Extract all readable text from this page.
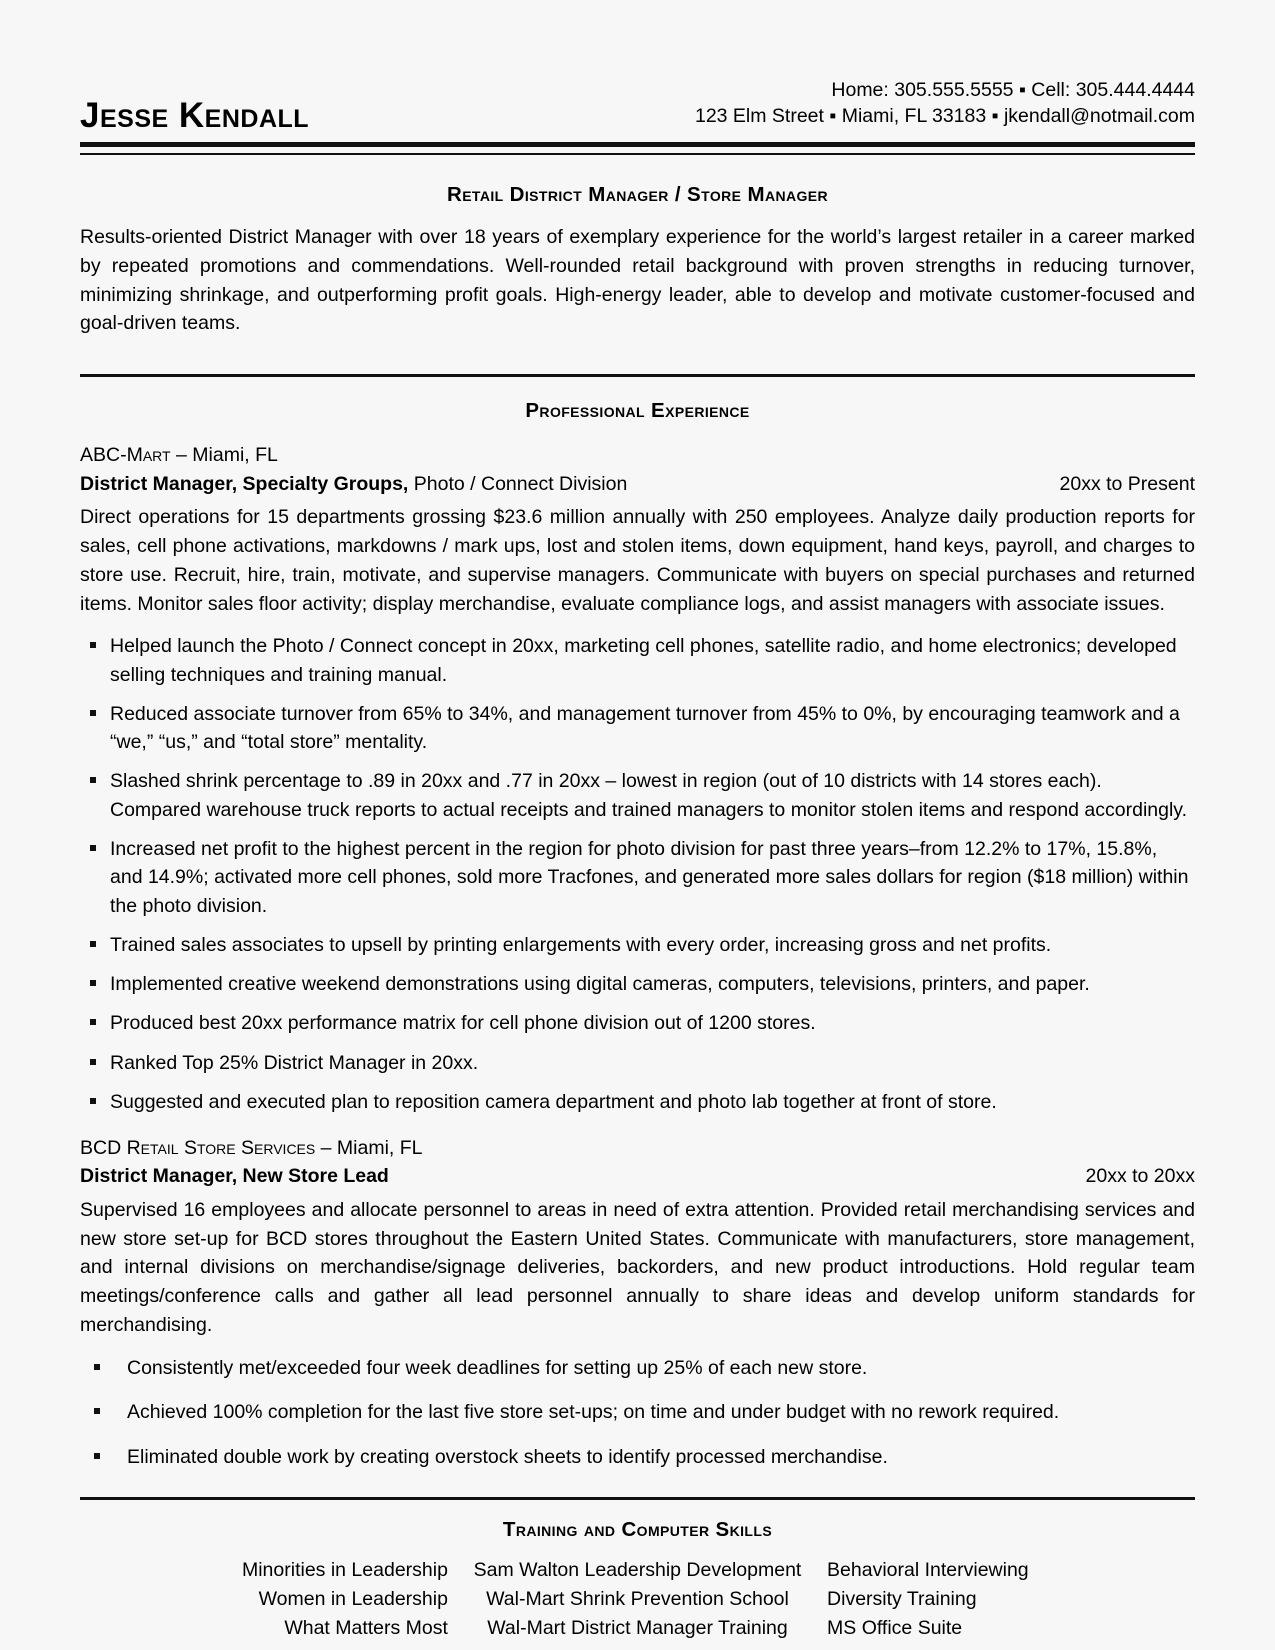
Jesse Kendall
Home: 305.555.5555 ▪ Cell: 305.444.4444
123 Elm Street ▪ Miami, FL 33183 ▪ jkendall@notmail.com
Retail District Manager / Store Manager
Results-oriented District Manager with over 18 years of exemplary experience for the world’s largest retailer in a career marked by repeated promotions and commendations. Well-rounded retail background with proven strengths in reducing turnover, minimizing shrinkage, and outperforming profit goals. High-energy leader, able to develop and motivate customer-focused and goal-driven teams.
Professional Experience
ABC-Mart – Miami, FL
District Manager, Specialty Groups, Photo / Connect Division	20xx to Present
Direct operations for 15 departments grossing $23.6 million annually with 250 employees. Analyze daily production reports for sales, cell phone activations, markdowns / mark ups, lost and stolen items, down equipment, hand keys, payroll, and charges to store use. Recruit, hire, train, motivate, and supervise managers. Communicate with buyers on special purchases and returned items. Monitor sales floor activity; display merchandise, evaluate compliance logs, and assist managers with associate issues.
Helped launch the Photo / Connect concept in 20xx, marketing cell phones, satellite radio, and home electronics; developed selling techniques and training manual.
Reduced associate turnover from 65% to 34%, and management turnover from 45% to 0%, by encouraging teamwork and a “we,” “us,” and “total store” mentality.
Slashed shrink percentage to .89 in 20xx and .77 in 20xx – lowest in region (out of 10 districts with 14 stores each). Compared warehouse truck reports to actual receipts and trained managers to monitor stolen items and respond accordingly.
Increased net profit to the highest percent in the region for photo division for past three years–from 12.2% to 17%, 15.8%, and 14.9%; activated more cell phones, sold more Tracfones, and generated more sales dollars for region ($18 million) within the photo division.
Trained sales associates to upsell by printing enlargements with every order, increasing gross and net profits.
Implemented creative weekend demonstrations using digital cameras, computers, televisions, printers, and paper.
Produced best 20xx performance matrix for cell phone division out of 1200 stores.
Ranked Top 25% District Manager in 20xx.
Suggested and executed plan to reposition camera department and photo lab together at front of store.
BCD Retail Store Services – Miami, FL
District Manager, New Store Lead	20xx to 20xx
Supervised 16 employees and allocate personnel to areas in need of extra attention. Provided retail merchandising services and new store set-up for BCD stores throughout the Eastern United States. Communicate with manufacturers, store management, and internal divisions on merchandise/signage deliveries, backorders, and new product introductions. Hold regular team meetings/conference calls and gather all lead personnel annually to share ideas and develop uniform standards for merchandising.
Consistently met/exceeded four week deadlines for setting up 25% of each new store.
Achieved 100% completion for the last five store set-ups; on time and under budget with no rework required.
Eliminated double work by creating overstock sheets to identify processed merchandise.
Training and Computer Skills
Minorities in Leadership	Sam Walton Leadership Development	Behavioral Interviewing
Women in Leadership	Wal-Mart Shrink Prevention School	Diversity Training
What Matters Most	Wal-Mart District Manager Training	MS Office Suite
